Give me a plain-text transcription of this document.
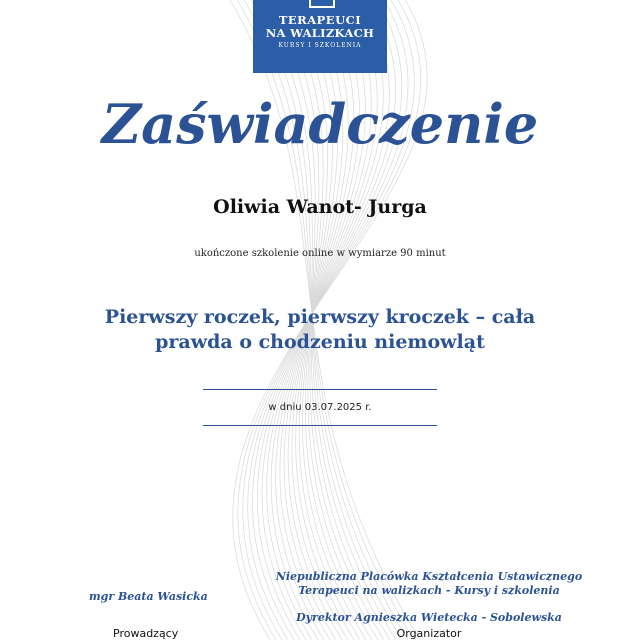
TERAPEUCI
NA WALIZKACH
KURSY I SZKOLENIA
Zaświadczenie
Oliwia Wanot- Jurga
ukończone szkolenie online w wymiarze 90 minut
Pierwszy roczek, pierwszy kroczek – cała
prawda o chodzeniu niemowląt
w dniu 03.07.2025 r.
mgr Beata Wasicka
Prowadzący
Niepubliczna Placówka Kształcenia Ustawicznego
Terapeuci na walizkach - Kursy i szkolenia
Dyrektor Agnieszka Wietecka - Sobolewska
Organizator
